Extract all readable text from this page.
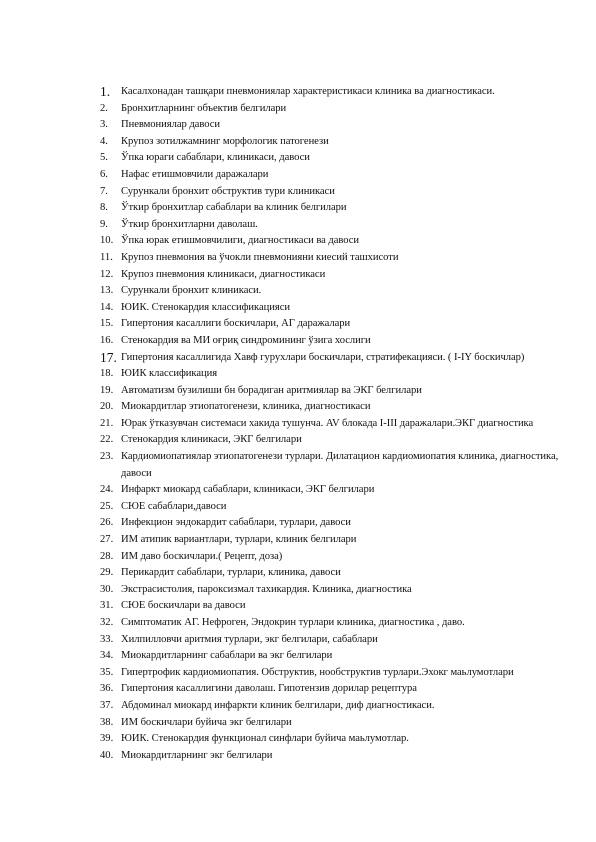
1.	Касалхонадан ташқари пневмониялар характеристикаси клиника ва диагностикаси.
2.	Бронхитларнинг объектив белгилари
3.	Пневмониялар давоси
4.	Крупоз зотилжамнинг морфологик патогенези
5.	Ўпка юраги сабаблари, клиникаси, давоси
6.	Нафас етишмовчили даражалари
7.	Сурункали бронхит обструктив тури клиникаси
8.	Ўткир бронхитлар сабаблари ва клиник белгилари
9.	Ўткир бронхитларни даволаш.
10. Ўпка юрак етишмовчилиги, диагностикаси ва давоси
11. Крупоз пневмония ва ўчокли пневмонияни киесий ташхисоти
12. Крупоз пневмония клиникаси, диагностикаси
13. Сурункали бронхит клиникаси.
14. ЮИК. Стенокардия классификацияси
15. Гипертония касаллиги боскичлари, АГ даражалари
16. Стенокардия ва МИ оғриқ синдромининг ўзига хослиги
17. Гипертония касаллигида Хавф гурухлари боскичлари, стратифекацияси. ( I-IY боскичлар)
18. ЮИК классификация
19. Автоматизм бузилиши бн борадиган аритмиялар ва ЭКГ белгилари
20. Миокардитлар этиопатогенези, клиника, диагностикаси
21. Юрак ўтказувчан системаси хакида тушунча. AV блокада I-III даражалари.ЭКГ диагностика
22. Стенокардия клиникаси, ЭКГ белгилари
23. Кардиомиопатиялар этиопатогенези турлари. Дилатацион кардиомиопатия клиника, диагностика, давоси
24. Инфаркт миокард сабаблари, клиникаси, ЭКГ белгилари
25. СЮЕ сабаблари,давоси
26. Инфекцион эндокардит сабаблари, турлари, давоси
27. ИМ атипик вариантлари, турлари, клиник белгилари
28. ИМ даво боскичлари.( Рецепт, доза)
29. Перикардит сабаблари, турлари, клиника, давоси
30. Экстрасистолия, пароксизмал тахикардия. Клиника, диагностика
31. СЮЕ боскичлари ва давоси
32. Симптоматик АГ. Нефроген, Эндокрин турлари клиника, диагностика , даво.
33. Хилпилловчи аритмия турлари, экг белгилари, сабаблари
34. Миокардитларнинг сабаблари ва экг белгилари
35. Гипертрофик кардиомиопатия. Обструктив, нообструктив турлари.Эхокг маьлумотлари
36. Гипертония касаллигини даволаш. Гипотензив дорилар рецептура
37. Абдоминал миокард инфаркти клиник белгилари, диф диагностикаси.
38. ИМ боскичлари буйича экг белгилари
39. ЮИК. Стенокардия функционал синфлари буйича маьлумотлар.
40. Миокардитларнинг экг белгилари
